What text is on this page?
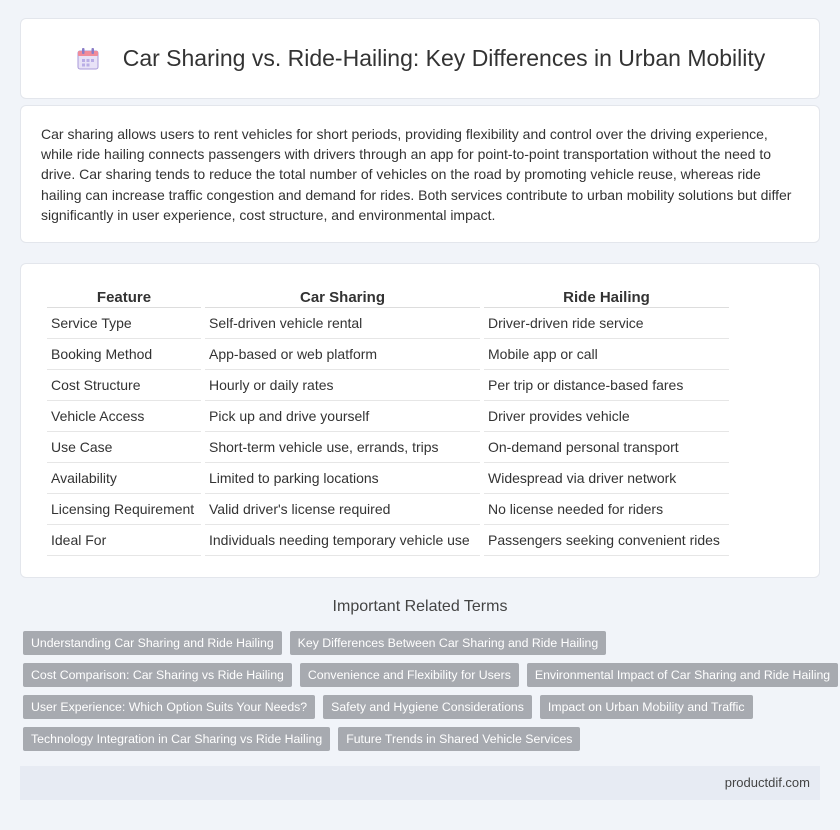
Car Sharing vs. Ride-Hailing: Key Differences in Urban Mobility

Car sharing allows users to rent vehicles for short periods, providing flexibility and control over the driving experience, while ride hailing connects passengers with drivers through an app for point-to-point transportation without the need to drive. Car sharing tends to reduce the total number of vehicles on the road by promoting vehicle reuse, whereas ride hailing can increase traffic congestion and demand for rides. Both services contribute to urban mobility solutions but differ significantly in user experience, cost structure, and environmental impact.

Feature	Car Sharing	Ride Hailing
Service Type	Self-driven vehicle rental	Driver-driven ride service
Booking Method	App-based or web platform	Mobile app or call
Cost Structure	Hourly or daily rates	Per trip or distance-based fares
Vehicle Access	Pick up and drive yourself	Driver provides vehicle
Use Case	Short-term vehicle use, errands, trips	On-demand personal transport
Availability	Limited to parking locations	Widespread via driver network
Licensing Requirement	Valid driver's license required	No license needed for riders
Ideal For	Individuals needing temporary vehicle use	Passengers seeking convenient rides
Important Related Terms
Understanding Car Sharing and Ride Hailing	Key Differences Between Car Sharing and Ride Hailing
Cost Comparison: Car Sharing vs Ride Hailing	Convenience and Flexibility for Users	Environmental Impact of Car Sharing and Ride Hailing
User Experience: Which Option Suits Your Needs?	Safety and Hygiene Considerations	Impact on Urban Mobility and Traffic
Technology Integration in Car Sharing vs Ride Hailing	Future Trends in Shared Vehicle Services
productdif.com
